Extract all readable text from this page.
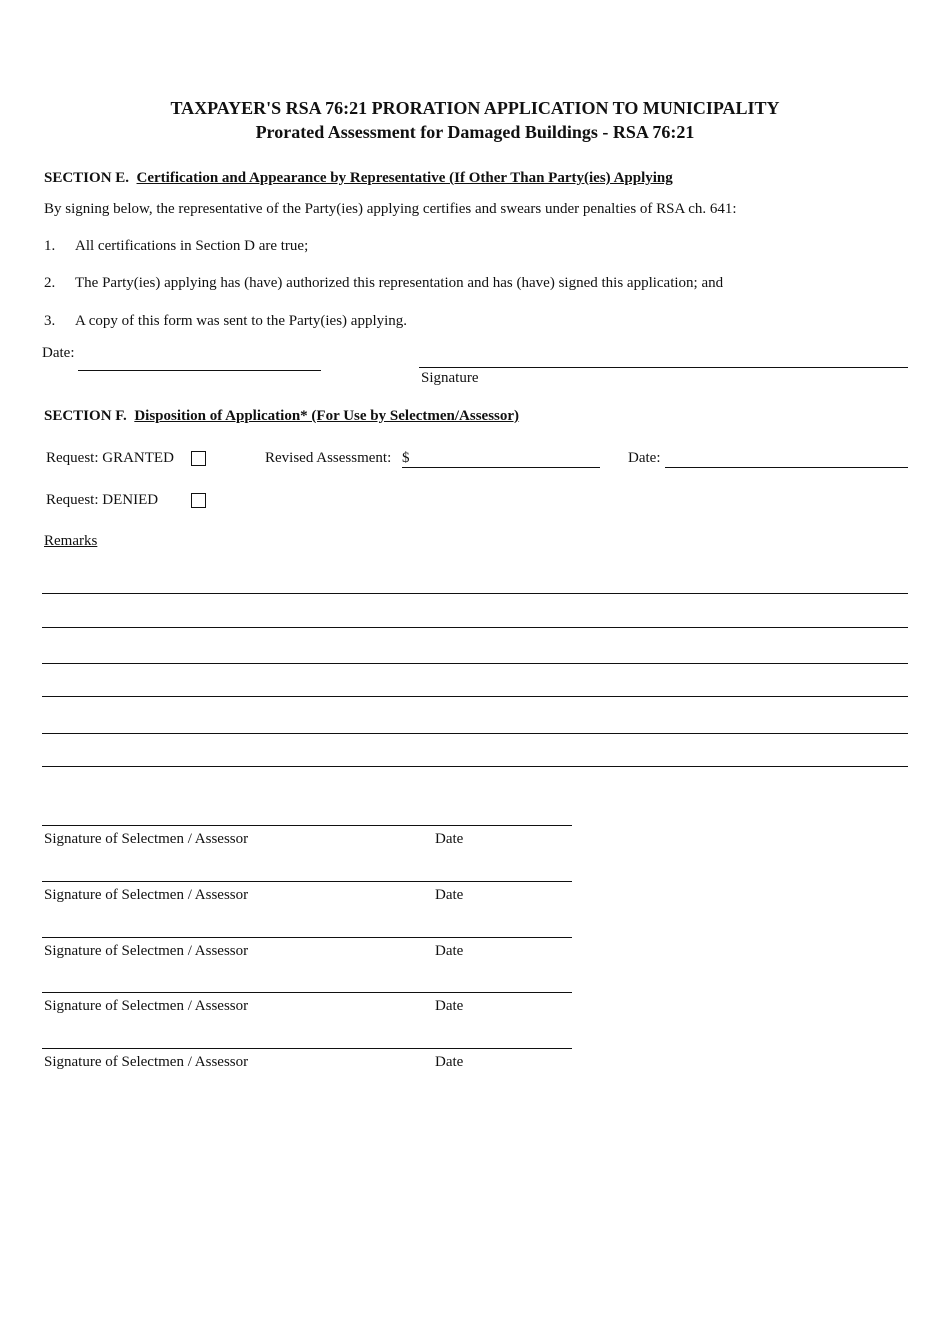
TAXPAYER'S RSA 76:21 PRORATION APPLICATION TO MUNICIPALITY
Prorated Assessment for Damaged Buildings - RSA 76:21
SECTION E. Certification and Appearance by Representative (If Other Than Party(ies) Applying
By signing below, the representative of the Party(ies) applying certifies and swears under penalties of RSA ch. 641:
1. All certifications in Section D are true;
2. The Party(ies) applying has (have) authorized this representation and has (have) signed this application; and
3. A copy of this form was sent to the Party(ies) applying.
Date:
Signature
SECTION F. Disposition of Application* (For Use by Selectmen/Assessor)
Request: GRANTED	Revised Assessment: $	Date:
Request: DENIED
Remarks
Signature of Selectmen / Assessor	Date
Signature of Selectmen / Assessor	Date
Signature of Selectmen / Assessor	Date
Signature of Selectmen / Assessor	Date
Signature of Selectmen / Assessor	Date
